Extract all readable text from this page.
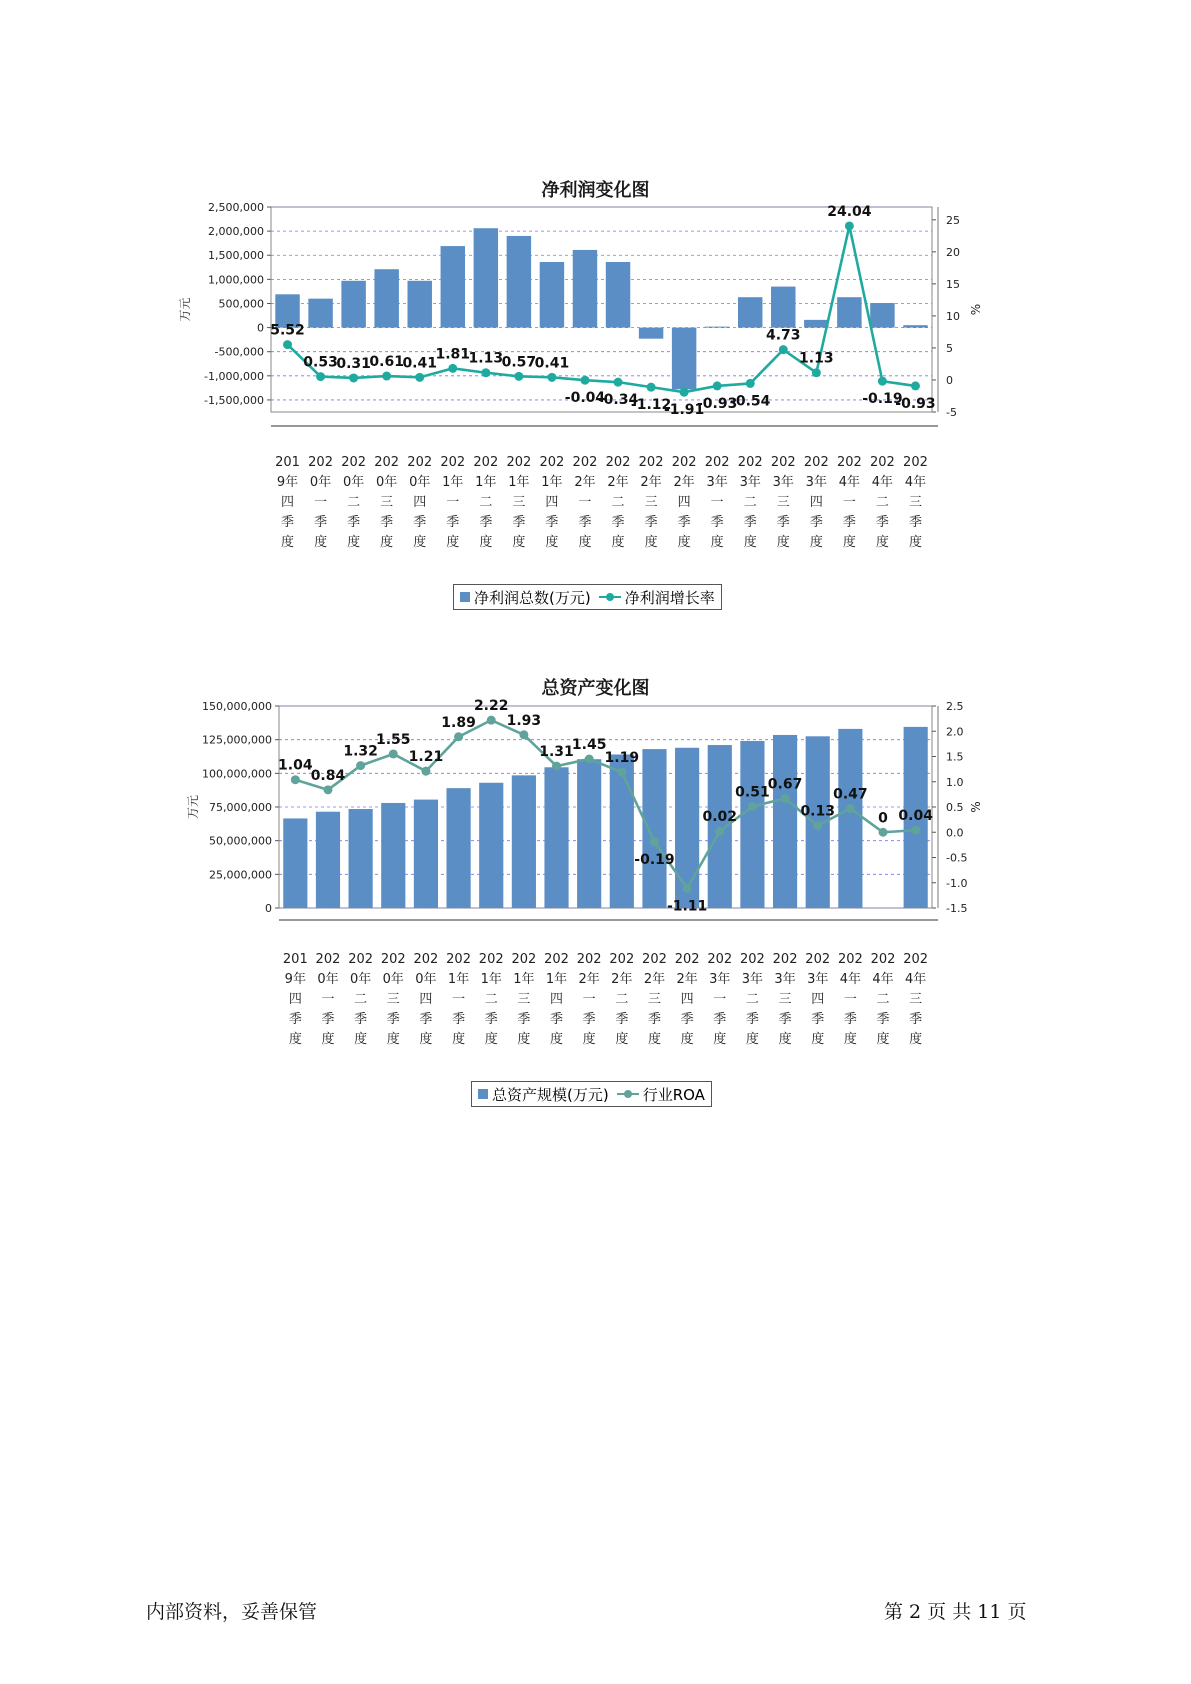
净利润变化图
2,500,000
2,000,000
1,500,000
1,000,000
500,000
0
-500,000
-1,000,000
-1,500,000
25
20
15
10
5
0
-5
万元	%
201
9年
四
季
度
202
0年
一
季
度
202
0年
二
季
度
202
0年
三
季
度
202
0年
四
季
度
202
1年
一
季
度
202
1年
二
季
度
202
1年
三
季
度
202
1年
四
季
度
202
2年
一
季
度
202
2年
二
季
度
202
2年
三
季
度
202
2年
四
季
度
202
3年
一
季
度
202
3年
二
季
度
202
3年
三
季
度
202
3年
四
季
度
202
4年
一
季
度
202
4年
二
季
度
202
4年
三
季
度
5.52
0.53
0.31
0.61
0.41
1.81
1.13
0.57
0.41
-0.04
-0.34
-1.12
-1.91
-0.93
-0.54
4.73
1.13
24.04
-0.19
-0.93
净利润总数(万元) 净利润增长率
总资产变化图
150,000,000
125,000,000
100,000,000
75,000,000
50,000,000
25,000,000
0
2.5
2.0
1.5
1.0
0.5
0.0
-0.5
-1.0
-1.5
万元	%
201
9年
四
季
度
202
0年
一
季
度
202
0年
二
季
度
202
0年
三
季
度
202
0年
四
季
度
202
1年
一
季
度
202
1年
二
季
度
202
1年
三
季
度
202
1年
四
季
度
202
2年
一
季
度
202
2年
二
季
度
202
2年
三
季
度
202
2年
四
季
度
202
3年
一
季
度
202
3年
二
季
度
202
3年
三
季
度
202
3年
四
季
度
202
4年
一
季
度
202
4年
二
季
度
202
4年
三
季
度
1.04
0.84
1.32
1.55
1.21
1.89
2.22
1.93
1.31
1.45
1.19
-0.19
-1.11
0.02
0.51
0.67
0.13
0.47
0 0.04
总资产规模(万元) 行业ROA
内部资料，妥善保管	第 2 页 共 11 页
